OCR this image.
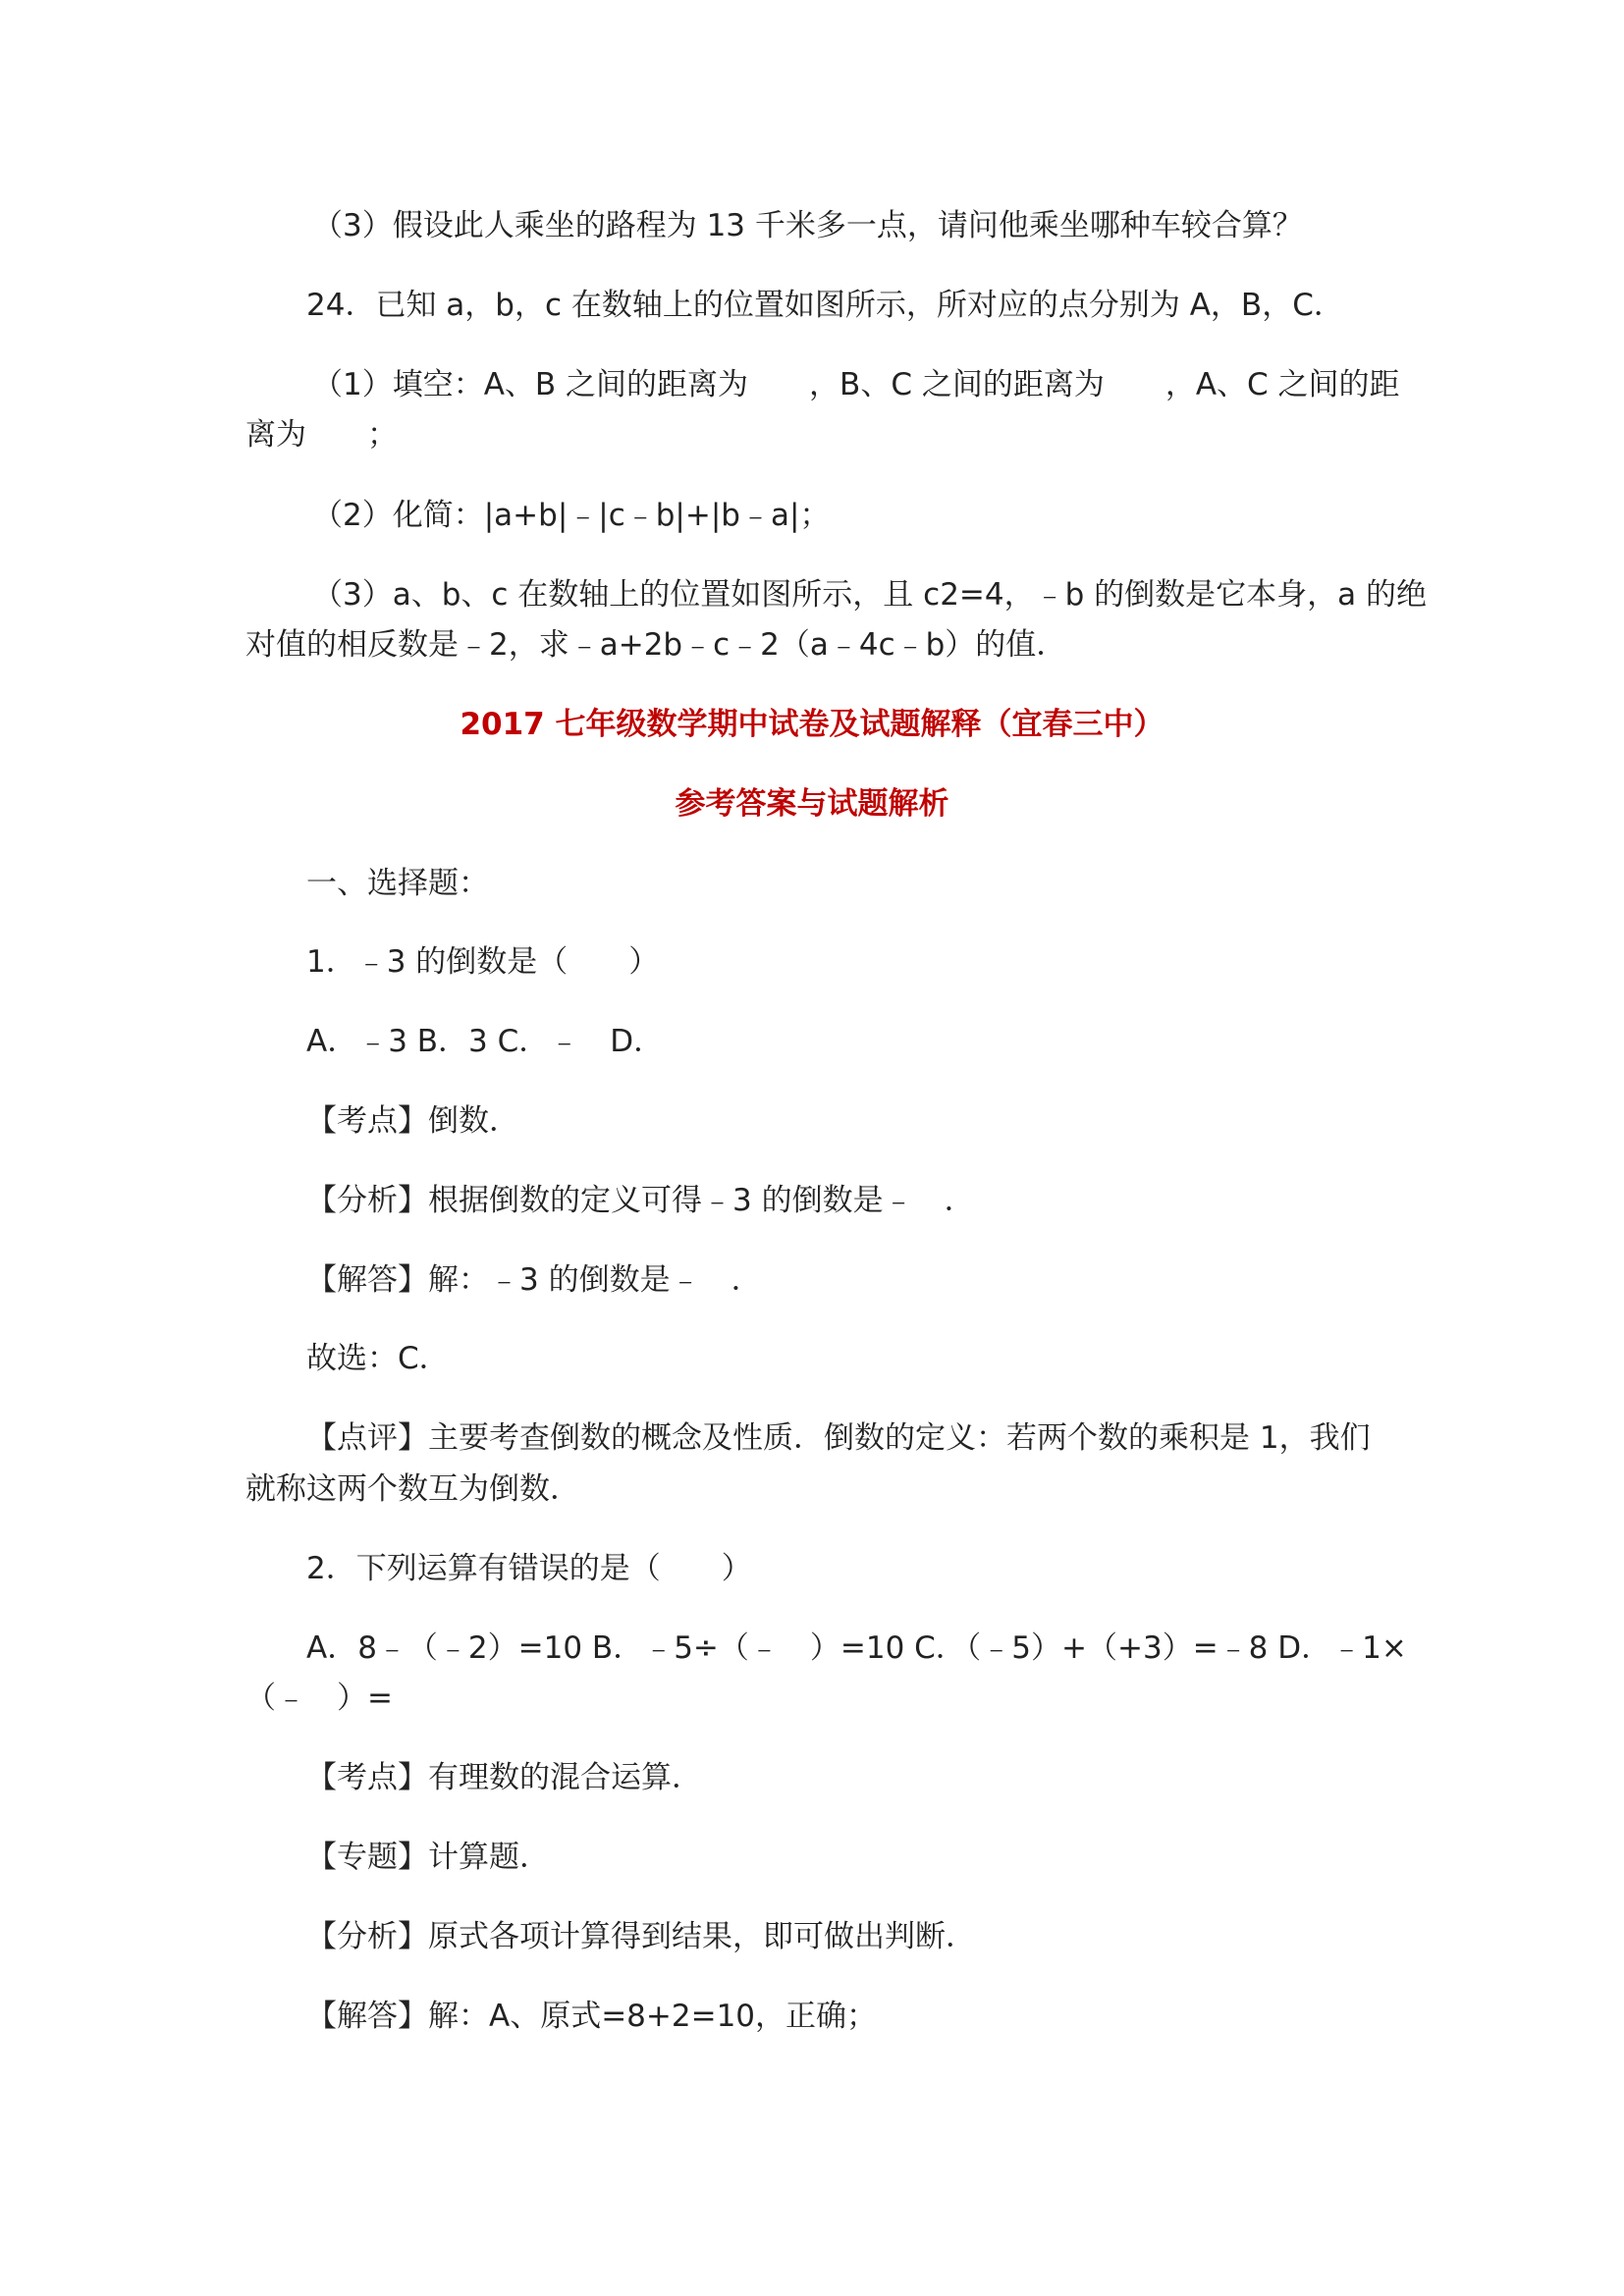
（3）假设此人乘坐的路程为 13 千米多一点，请问他乘坐哪种车较合算？
24．已知 a，b，c 在数轴上的位置如图所示，所对应的点分别为 A，B，C．
（1）填空：A、B 之间的距离为　　，B、C 之间的距离为　　，A、C 之间的距
离为　　；
（2）化简：|a+b|﹣|c﹣b|+|b﹣a|；
（3）a、b、c 在数轴上的位置如图所示，且 c2=4，﹣b 的倒数是它本身，a 的绝
对值的相反数是﹣2，求﹣a+2b﹣c﹣2（a﹣4c﹣b）的值．
2017 七年级数学期中试卷及试题解释（宜春三中）
参考答案与试题解析
一、选择题：
1．﹣3 的倒数是（　　）
A．﹣3 B．3 C．﹣　D．
【考点】倒数．
【分析】根据倒数的定义可得﹣3 的倒数是﹣　．
【解答】解：﹣3 的倒数是﹣　．
故选：C．
【点评】主要考查倒数的概念及性质．倒数的定义：若两个数的乘积是 1，我们
就称这两个数互为倒数．
2．下列运算有错误的是（　　）
A．8﹣（﹣2）=10 B．﹣5÷（﹣　）=10 C．（﹣5）+（+3）=﹣8 D．﹣1×
（﹣　）=
【考点】有理数的混合运算．
【专题】计算题．
【分析】原式各项计算得到结果，即可做出判断．
【解答】解：A、原式=8+2=10，正确；
